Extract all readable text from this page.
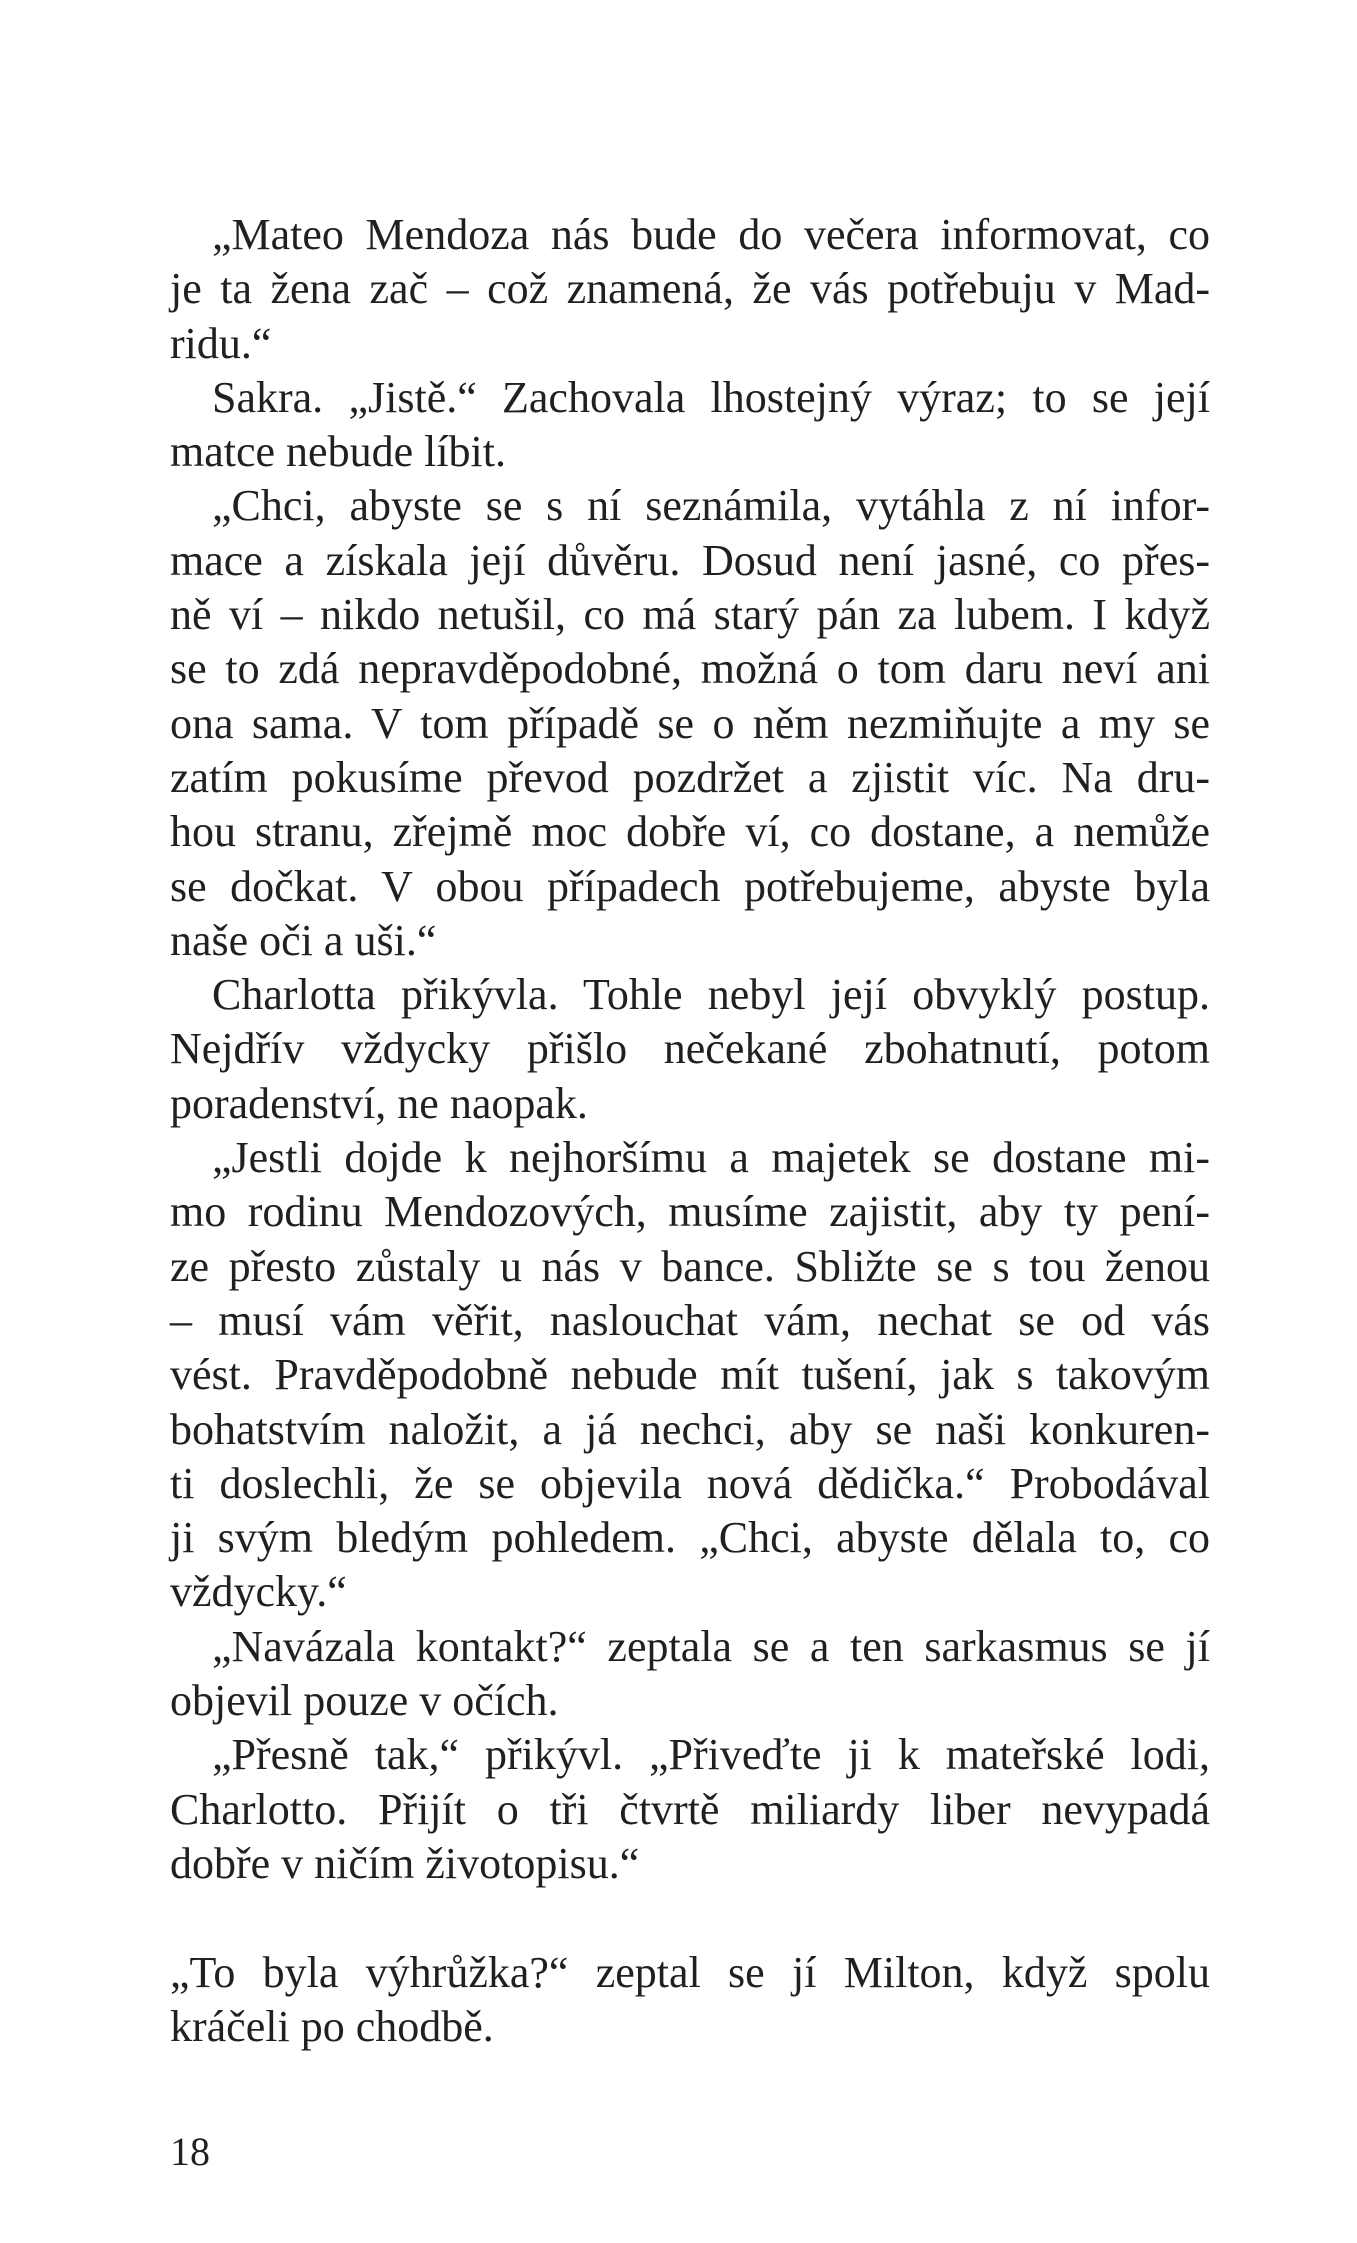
„Mateo Mendoza nás bude do večera informovat, co
je ta žena zač – což znamená, že vás potřebuju v Mad-
ridu.“
Sakra. „Jistě.“ Zachovala lhostejný výraz; to se její
matce nebude líbit.
„Chci, abyste se s ní seznámila, vytáhla z ní infor-
mace a získala její důvěru. Dosud není jasné, co přes-
ně ví – nikdo netušil, co má starý pán za lubem. I když
se to zdá nepravděpodobné, možná o tom daru neví ani
ona sama. V tom případě se o něm nezmiňujte a my se
zatím pokusíme převod pozdržet a zjistit víc. Na dru-
hou stranu, zřejmě moc dobře ví, co dostane, a nemůže
se dočkat. V obou případech potřebujeme, abyste byla
naše oči a uši.“
Charlotta přikývla. Tohle nebyl její obvyklý postup.
Nejdřív vždycky přišlo nečekané zbohatnutí, potom
poradenství, ne naopak.
„Jestli dojde k nejhoršímu a majetek se dostane mi-
mo rodinu Mendozových, musíme zajistit, aby ty pení-
ze přesto zůstaly u nás v bance. Sbližte se s tou ženou
– musí vám věřit, naslouchat vám, nechat se od vás
vést. Pravděpodobně nebude mít tušení, jak s takovým
bohatstvím naložit, a já nechci, aby se naši konkuren-
ti doslechli, že se objevila nová dědička.“ Probodával
ji svým bledým pohledem. „Chci, abyste dělala to, co
vždycky.“
„Navázala kontakt?“ zeptala se a ten sarkasmus se jí
objevil pouze v očích.
„Přesně tak,“ přikývl. „Přiveďte ji k mateřské lodi,
Charlotto. Přijít o tři čtvrtě miliardy liber nevypadá
dobře v ničím životopisu.“
„To byla výhrůžka?“ zeptal se jí Milton, když spolu
kráčeli po chodbě.
18
